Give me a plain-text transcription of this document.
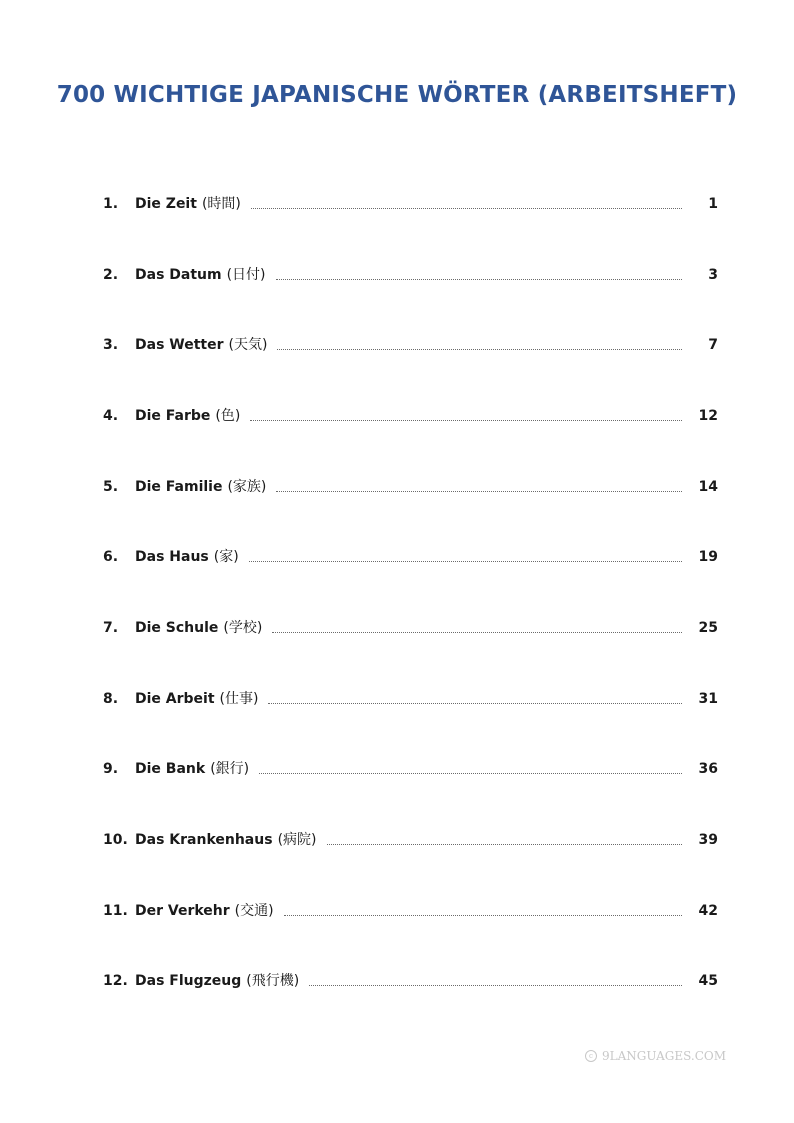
700 WICHTIGE JAPANISCHE WÖRTER (ARBEITSHEFT)
1.	Die Zeit (時間)	1
2.	Das Datum (日付)	3
3.	Das Wetter (天気)	7
4.	Die Farbe (色)	12
5.	Die Familie (家族)	14
6.	Das Haus (家)	19
7.	Die Schule (学校)	25
8.	Die Arbeit (仕事)	31
9.	Die Bank (銀行)	36
10. Das Krankenhaus (病院)	39
11. Der Verkehr (交通)	42
12. Das Flugzeug (飛行機)	45
c 9LANGUAGES.COM
